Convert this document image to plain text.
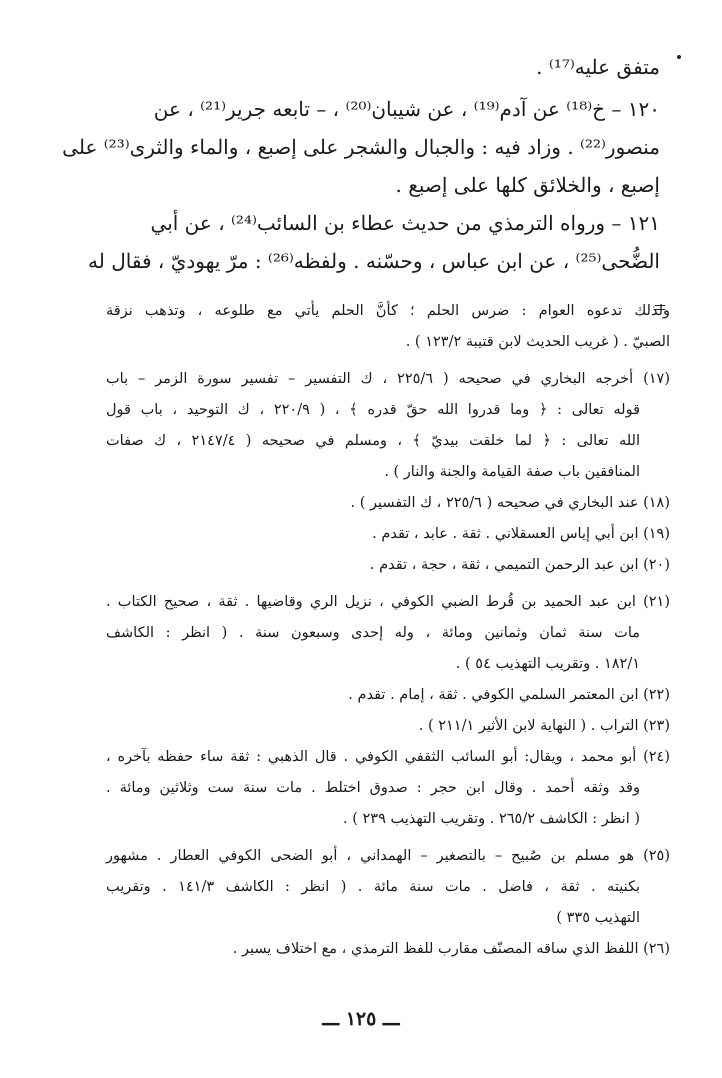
متفق عليه⁽¹⁷⁾ .

١٢٠ – خ⁽¹⁸⁾ عن آدم⁽¹⁹⁾ ، عن شيبان⁽²⁰⁾ ، – تابعه جرير⁽²¹⁾ ، عن

منصور⁽²²⁾ . وزاد فيه : والجبال والشجر على إصبع ، والماء والثرى⁽²³⁾ على

إصبع ، والخلائق كلها على إصبع .

١٢١ – ورواه الترمذي من حديث عطاء بن السائب⁽²⁴⁾ ، عن أبي

الضُّحى⁽²⁵⁾ ، عن ابن عباس ، وحسّنه . ولفظه⁽²⁶⁾ : مرّ يهوديّ ، فقال له

ولذلك تدعوه العوام : ضرس الحلم ؛ كأنَّ الحلم يأتي مع طلوعه ، وتذهب نزقة
الصبيّ . ( غريب الحديث لابن قتيبة ١٢٣/٢ ) .
(١٧) أخرجه البخاري في صحيحه ( ٢٢٥/٦ ، ك التفسير – تفسير سورة الزمر – باب
قوله تعالى : ﴿ وما قدروا الله حقّ قدره ﴾ ، ( ٢٢٠/٩ ، ك التوحيد ، باب قول
الله تعالى : ﴿ لما خلقت بيديّ ﴾ ، ومسلم في صحيحه ( ٢١٤٧/٤ ، ك صفات
المنافقين باب صفة القيامة والجنة والنار ) .
(١٨) عند البخاري في صحيحه ( ٢٢٥/٦ ، ك التفسير ) .
(١٩) ابن أبي إياس العسقلاني . ثقة . عابد ، تقدم .
(٢٠) ابن عبد الرحمن التميمي ، ثقة ، حجة ، تقدم .
(٢١) ابن عبد الحميد بن قُرط الضبي الكوفي ، نزيل الري وقاضيها . ثقة ، صحيح الكتاب .
مات سنة ثمان وثمانين ومائة ، وله إحدى وسبعون سنة . ( انظر : الكاشف
١٨٢/١ . وتقريب التهذيب ٥٤ ) .
(٢٢) ابن المعتمر السلمي الكوفي . ثقة ، إمام . تقدم .
(٢٣) التراب . ( النهاية لابن الأثير ٢١١/١ ) .
(٢٤) أبو محمد ، ويقال: أبو السائب الثقفي الكوفي . قال الذهبي : ثقة ساء حفظه بآخره ،
وقد وثقه أحمد . وقال ابن حجر : صدوق اختلط . مات سنة ست وثلاثين ومائة .
( انظر : الكاشف ٢٦٥/٢ . وتقريب التهذيب ٢٣٩ ) .
(٢٥) هو مسلم بن صُبيح – بالتصغير – الهمداني ، أبو الضحى الكوفي العطار . مشهور
بكنيته . ثقة ، فاضل . مات سنة مائة . ( انظر : الكاشف ١٤١/٣ . وتقريب
التهذيب ٣٣٥ )
(٢٦) اللفظ الذي ساقه المصنّف مقارب للفظ الترمذي ، مع اختلاف يسير .
ـــ ١٢٥ ـــ
